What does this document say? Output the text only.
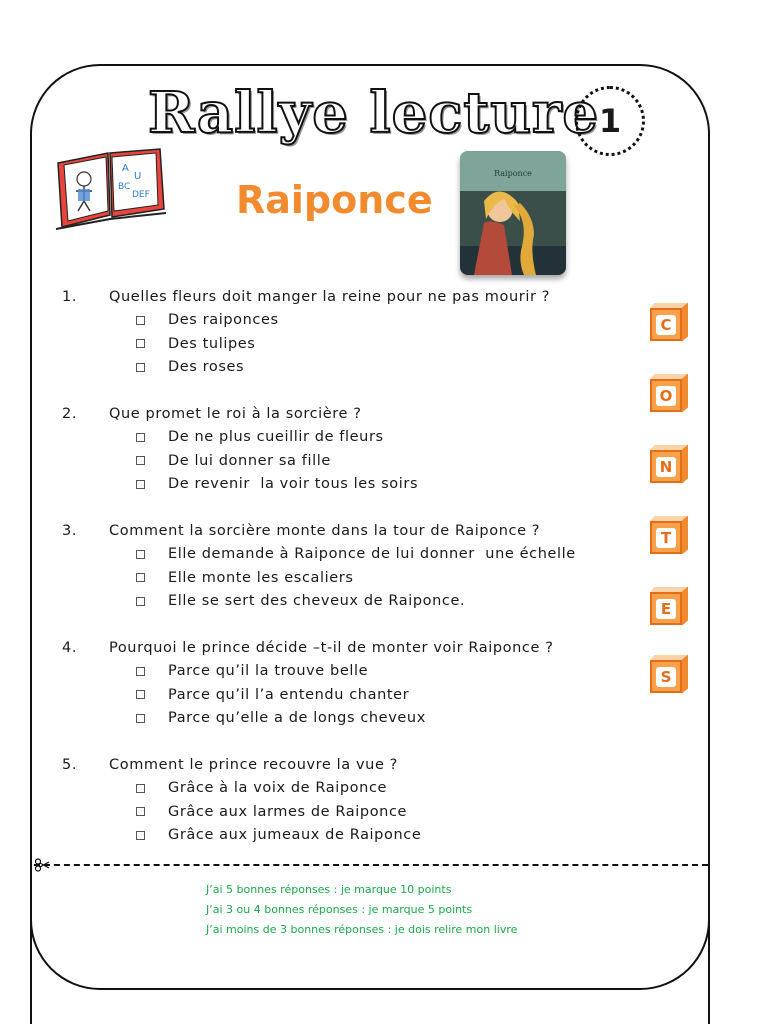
Rallye lecture 1
A
U
BC
DEF Raiponce
Raiponce
1.	Quelles fleurs doit manger la reine pour ne pas mourir ?
Des raiponces
Des tulipes
Des roses
2.	Que promet le roi à la sorcière ?
De ne plus cueillir de fleurs
De lui donner sa fille
De revenir  la voir tous les soirs
3.	Comment la sorcière monte dans la tour de Raiponce ?
Elle demande à Raiponce de lui donner  une échelle
Elle monte les escaliers
Elle se sert des cheveux de Raiponce.
4.	Pourquoi le prince décide –t-il de monter voir Raiponce ?
Parce qu’il la trouve belle
Parce qu’il l’a entendu chanter
Parce qu’elle a de longs cheveux
5.	Comment le prince recouvre la vue ?
Grâce à la voix de Raiponce
Grâce aux larmes de Raiponce
Grâce aux jumeaux de Raiponce
C
O
N
T
E
S
J’ai 5 bonnes réponses : je marque 10 points
J’ai 3 ou 4 bonnes réponses : je marque 5 points
J’ai moins de 3 bonnes réponses : je dois relire mon livre
